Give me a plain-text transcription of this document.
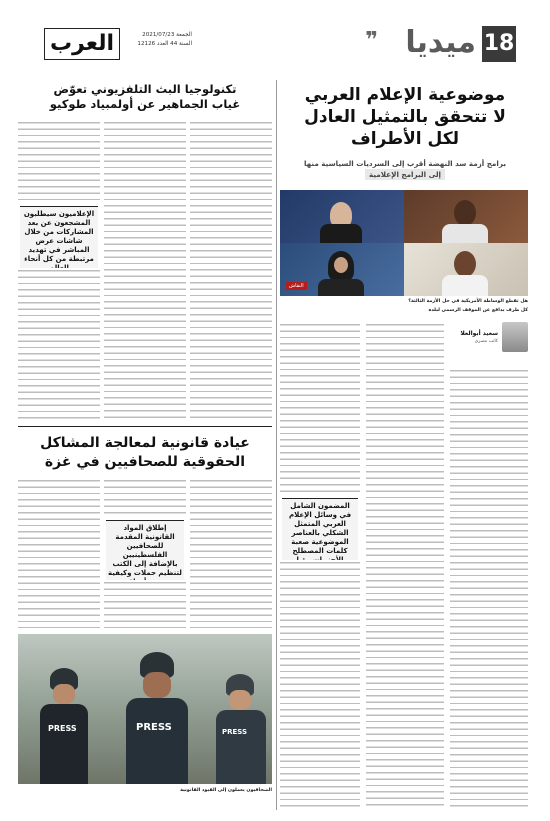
18
ميديا
❞
العرب	الجمعة 2021/07/23
السنة 44 العدد 12126
موضوعية الإعلام العربي
لا تتحقق بالتمثيل العادل
لكل الأطراف
برامج أزمة سد النهضة أقرب إلى السرديات السياسية منها
إلى البرامج الإعلامية
النقاش
هل تقطع الوساطة الأمريكية في حل الأزمة الثالثة؟
كل طرف يدافع عن الموقف الرسمي لبلده
سعيد أبوالعلا
كاتب مصري
المضمون الشامل في وسائل الإعلام العربي المتمثل الشكلي بالعناصر الموضوعية صعبة كلمات المصطلح
تكنولوجيا البث التلفزيوني تعوّض
غياب الجماهير عن أولمبياد طوكيو
الإعلاميون سيطلبون المشجعون عن بعد المشاركات من خلال شاشات عرض المباشر في تهديد مرتبطة من كل أنحاء
عيادة قانونية لمعالجة المشاكل
الحقوقية للصحافيين في غزة
إطلاق المواد القانونية المقدمة للصحافيين الفلسطينيين بالإضافة إلى الكتب لتنظيم حملات وكيفية
PRESS	PRESS	PRESS
الصحافيون يعملون إلى القيود القانونية
